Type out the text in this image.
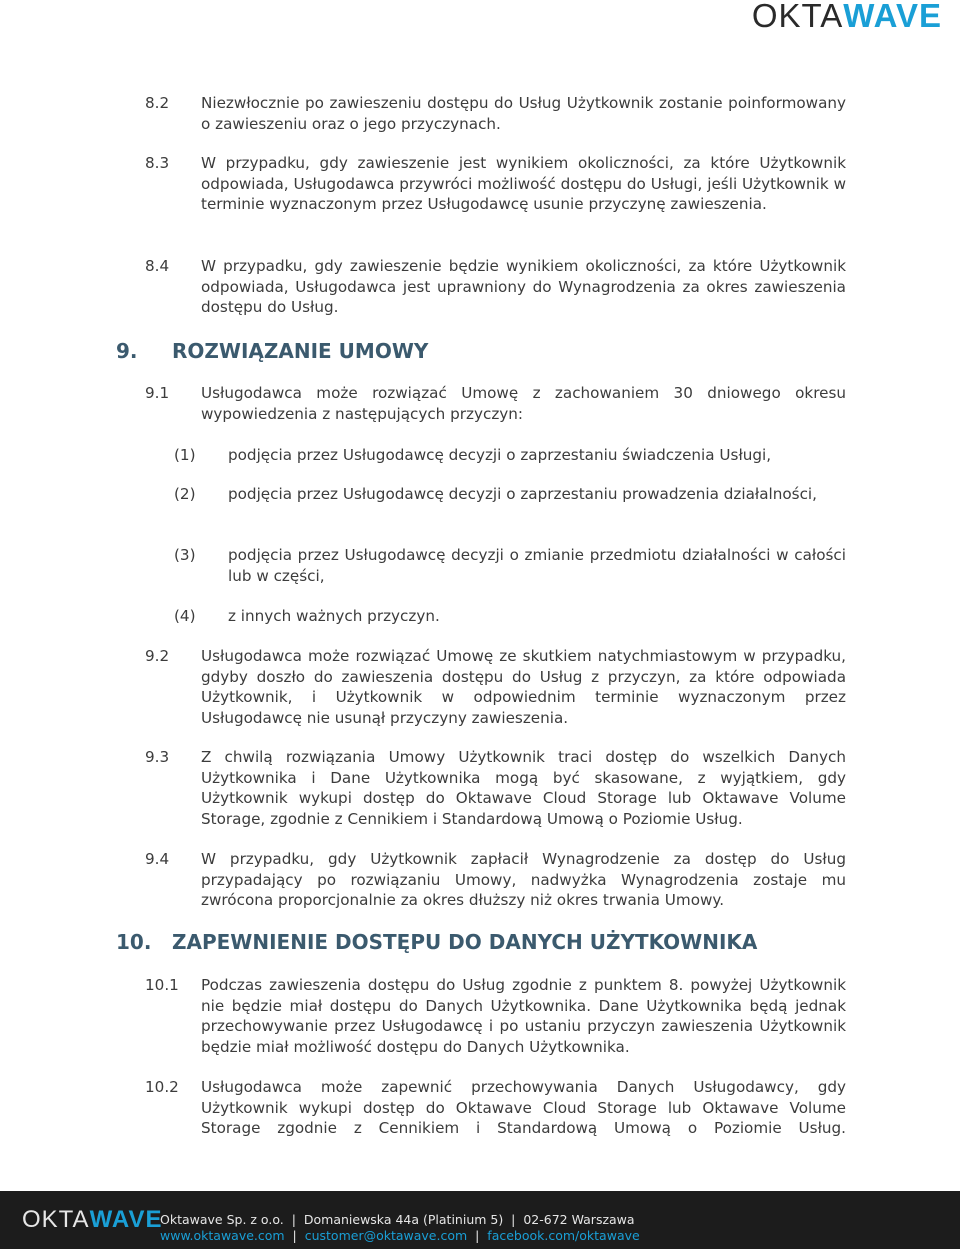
OKTAWAVE
8.2 Niezwłocznie po zawieszeniu dostępu do Usług Użytkownik zostanie poinformowany o zawieszeniu oraz o jego przyczynach.
8.3 W przypadku, gdy zawieszenie jest wynikiem okoliczności, za które Użytkownik odpowiada, Usługodawca przywróci możliwość dostępu do Usługi, jeśli Użytkownik w terminie wyznaczonym przez Usługodawcę usunie przyczynę zawieszenia.
8.4 W przypadku, gdy zawieszenie będzie wynikiem okoliczności, za które Użytkownik odpowiada, Usługodawca jest uprawniony do Wynagrodzenia za okres zawieszenia dostępu do Usług.
9. ROZWIĄZANIE UMOWY
9.1 Usługodawca może rozwiązać Umowę z zachowaniem 30 dniowego okresu wypowiedzenia z następujących przyczyn:
(1) podjęcia przez Usługodawcę decyzji o zaprzestaniu świadczenia Usługi,
(2) podjęcia przez Usługodawcę decyzji o zaprzestaniu prowadzenia działalności,
(3) podjęcia przez Usługodawcę decyzji o zmianie przedmiotu działalności w całości lub w części,
(4) z innych ważnych przyczyn.
9.2 Usługodawca może rozwiązać Umowę ze skutkiem natychmiastowym w przypadku, gdyby doszło do zawieszenia dostępu do Usług z przyczyn, za które odpowiada Użytkownik, i Użytkownik w odpowiednim terminie wyznaczonym przez Usługodawcę nie usunął przyczyny zawieszenia.
9.3 Z chwilą rozwiązania Umowy Użytkownik traci dostęp do wszelkich Danych Użytkownika i Dane Użytkownika mogą być skasowane, z wyjątkiem, gdy Użytkownik wykupi dostęp do Oktawave Cloud Storage lub Oktawave Volume Storage, zgodnie z Cennikiem i Standardową Umową o Poziomie Usług.
9.4 W przypadku, gdy Użytkownik zapłacił Wynagrodzenie za dostęp do Usług przypadający po rozwiązaniu Umowy, nadwyżka Wynagrodzenia zostaje mu zwrócona proporcjonalnie za okres dłuższy niż okres trwania Umowy.
10. ZAPEWNIENIE DOSTĘPU DO DANYCH UŻYTKOWNIKA
10.1 Podczas zawieszenia dostępu do Usług zgodnie z punktem 8. powyżej Użytkownik nie będzie miał dostępu do Danych Użytkownika. Dane Użytkownika będą jednak przechowywanie przez Usługodawcę i po ustaniu przyczyn zawieszenia Użytkownik będzie miał możliwość dostępu do Danych Użytkownika.
10.2 Usługodawca może zapewnić przechowywania Danych Usługodawcy, gdy Użytkownik wykupi dostęp do Oktawave Cloud Storage lub Oktawave Volume Storage zgodnie z Cennikiem i Standardową Umową o Poziomie Usług.
OKTAWAVE
Oktawave Sp. z o.o. | Domaniewska 44a (Platinium 5) | 02-672 Warszawa
www.oktawave.com | customer@oktawave.com | facebook.com/oktawave
